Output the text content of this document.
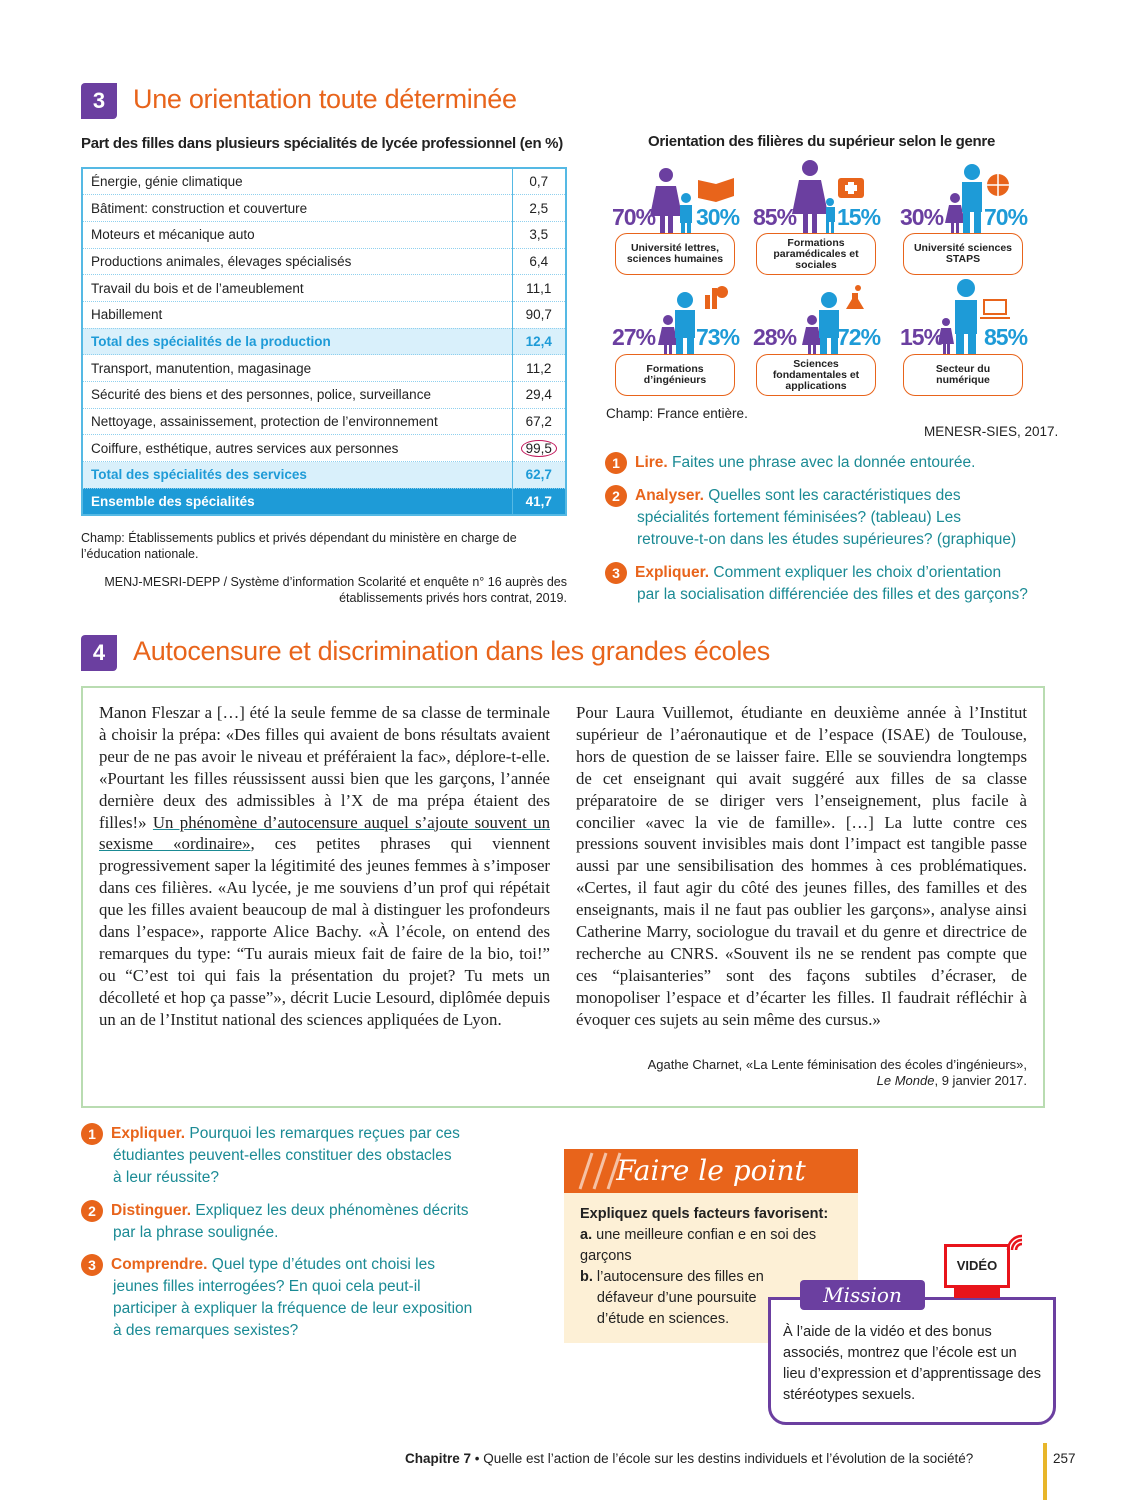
3	Une orientation toute déterminée
Part des filles dans plusieurs spécialités de lycée professionnel (en %)
Énergie, génie climatique	0,7
Bâtiment: construction et couverture	2,5
Moteurs et mécanique auto	3,5
Productions animales, élevages spécialisés	6,4
Travail du bois et de l’ameublement	11,1
Habillement	90,7
Total des spécialités de la production	12,4
Transport, manutention, magasinage	11,2
Sécurité des biens et des personnes, police, surveillance	29,4
Nettoyage, assainissement, protection de l’environnement	67,2
Coiffure, esthétique, autres services aux personnes	99,5
Total des spécialités des services	62,7
Ensemble des spécialités	41,7
Champ: Établissements publics et privés dépendant du ministère en charge de l’éducation nationale.
MENJ-MESRI-DEPP / Système d’information Scolarité et enquête n° 16 auprès des établissements privés hors contrat, 2019.
Orientation des filières du supérieur selon le genre
70% 30%
Université lettres, sciences humaines
85% 15%
Formations paramédicales et sociales
30% 70%
Université sciences STAPS
27% 73%
Formations d’ingénieurs
28% 72%
Sciences fondamentales et applications
15% 85%
Secteur du numérique
Champ: France entière.
MENESR-SIES, 2017.
1 Lire. Faites une phrase avec la donnée entourée.
2 Analyser. Quelles sont les caractéristiques des
spécialités fortement féminisées? (tableau) Les
retrouve-t-on dans les études supérieures? (graphique)
3 Expliquer. Comment expliquer les choix d’orientation
par la socialisation différenciée des filles et des garçons?
4	Autocensure et discrimination dans les grandes écoles
Manon Fleszar a […] été la seule femme de sa classe de terminale à choisir la prépa: «Des filles qui avaient de bons résultats avaient peur de ne pas avoir le niveau et préféraient la fac», déplore-t-elle. «Pourtant les filles réussissent aussi bien que les garçons, l’année dernière deux des admissibles à l’X de ma prépa étaient des filles!» Un phénomène d’autocensure auquel s’ajoute souvent un sexisme «ordinaire», ces petites phrases qui viennent progressivement saper la légitimité des jeunes femmes à s’imposer dans ces filières. «Au lycée, je me souviens d’un prof qui répétait que les filles avaient beaucoup de mal à distinguer les profondeurs dans l’espace», rapporte Alice Bachy. «À l’école, on entend des remarques du type: “Tu aurais mieux fait de faire de la bio, toi!” ou “C’est toi qui fais la présentation du projet? Tu mets un décolleté et hop ça passe”», décrit Lucie Lesourd, diplômée depuis un an de l’Institut national des sciences appliquées de Lyon.
Pour Laura Vuillemot, étudiante en deuxième année à l’Institut supérieur de l’aéronautique et de l’espace (ISAE) de Toulouse, hors de question de se laisser faire. Elle se souviendra longtemps de cet enseignant qui avait suggéré aux filles de sa classe préparatoire de se diriger vers l’enseignement, plus facile à concilier «avec la vie de famille». […] La lutte contre ces pressions souvent invisibles mais dont l’impact est tangible passe aussi par une sensibilisation des hommes à ces problématiques. «Certes, il faut agir du côté des jeunes filles, des familles et des enseignants, mais il ne faut pas oublier les garçons», analyse ainsi Catherine Marry, sociologue du travail et du genre et directrice de recherche au CNRS. «Souvent ils ne se rendent pas compte que ces “plaisanteries” sont des façons subtiles d’écraser, de monopoliser l’espace et d’écarter les filles. Il faudrait réfléchir à évoquer ces sujets au sein même des cursus.»
Agathe Charnet, «La Lente féminisation des écoles d’ingénieurs»,
Le Monde, 9 janvier 2017.
1 Expliquer. Pourquoi les remarques reçues par ces
étudiantes peuvent-elles constituer des obstacles
à leur réussite?
2 Distinguer. Expliquez les deux phénomènes décrits
par la phrase soulignée.
3 Comprendre. Quel type d’études ont choisi les
jeunes filles interrogées? En quoi cela peut-il
participer à expliquer la fréquence de leur exposition
à des remarques sexistes?
Faire le point
Expliquez quels facteurs favorisent:
a. une meilleure confian e en soi des garçons
b. l’autocensure des filles en défaveur d’une poursuite d’étude en sciences.
À l’aide de la vidéo et des bonus associés, montrez que l’école est un lieu d’expression et d’apprentissage des stéréotypes sexuels.
Mission
VIDÉO
Chapitre 7 • Quelle est l’action de l’école sur les destins individuels et l’évolution de la société?	257
